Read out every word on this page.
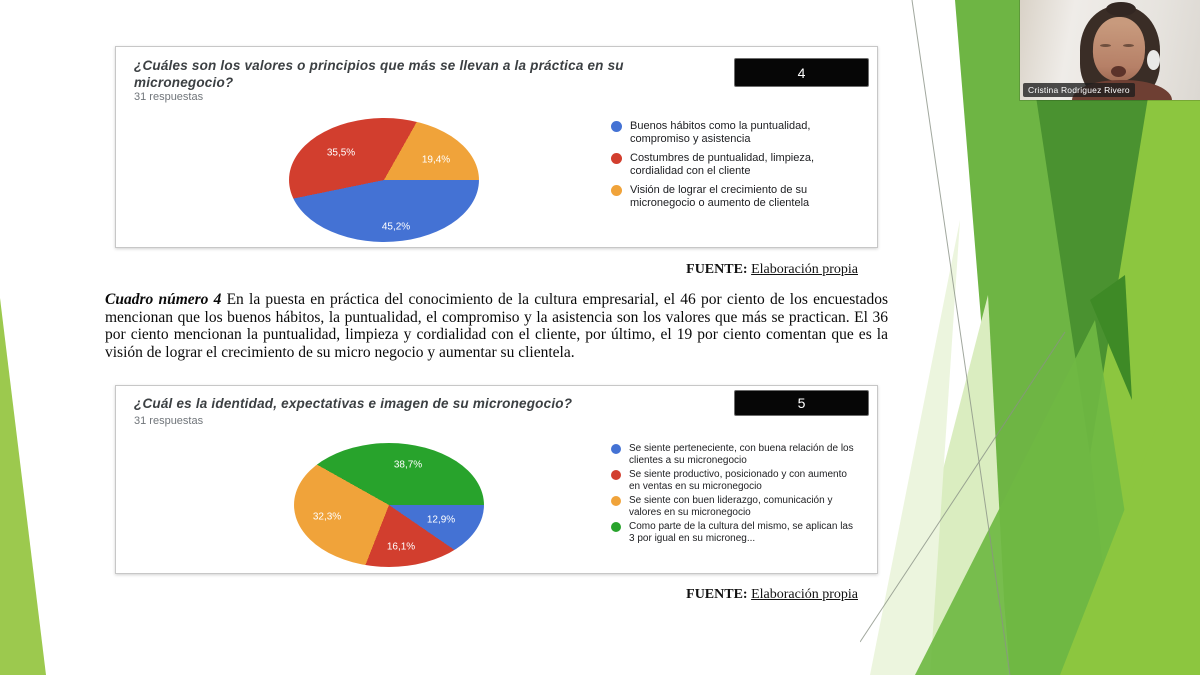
Cristina Rodriguez Rivero
¿Cuáles son los valores o principios que más se llevan a la práctica en su micronegocio?
31 respuestas
4
45,2%
35,5%
19,4%
Buenos hábitos como la puntualidad, compromiso y asistencia
Costumbres de puntualidad, limpieza, cordialidad con el cliente
Visión de lograr el crecimiento de su micronegocio o aumento de clientela
FUENTE: Elaboración propia
Cuadro número 4 En la puesta en práctica del conocimiento de la cultura empresarial, el 46 por ciento de los encuestados mencionan que los buenos hábitos, la puntualidad, el compromiso y la asistencia son los valores que más se practican. El 36 por ciento mencionan la puntualidad, limpieza y cordialidad con el cliente, por último, el 19 por ciento comentan que es la visión de lograr el crecimiento de su micro negocio y aumentar su clientela.
¿Cuál es la identidad, expectativas e imagen de su micronegocio?
31 respuestas
5
12,9%
16,1%
32,3%
38,7%
Se siente perteneciente, con buena relación de los clientes a su micronegocio
Se siente productivo, posicionado y con aumento en ventas en su micronegocio
Se siente con buen liderazgo, comunicación y valores en su micronegocio
Como parte de la cultura del mismo, se aplican las 3 por igual en su microneg...
FUENTE: Elaboración propia
